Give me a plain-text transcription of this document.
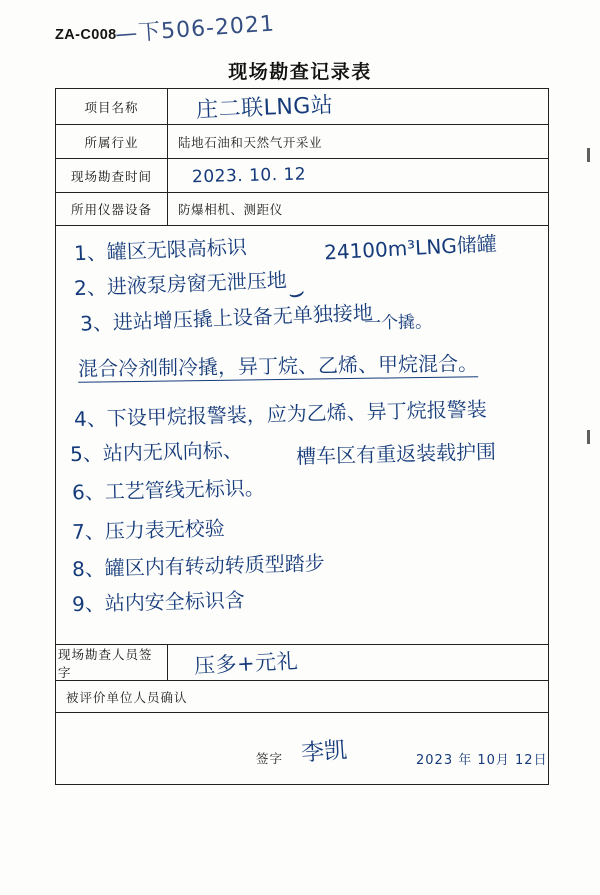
ZA-C008
—下506-2021
现场勘查记录表
项目名称	庄二联LNG站
所属行业	陆地石油和天然气开采业
现场勘查时间	2023. 10. 12
所用仪器设备	防爆相机、测距仪
1、罐区无限高标识
2、进液泵房窗无泄压地
3、进站增压撬上设备无单独接地
混合冷剂制冷撬，异丁烷、乙烯、甲烷混合。
4、下设甲烷报警装，应为乙烯、异丁烷报警装
5、站内无风向标、
6、工艺管线无标识。
7、压力表无校验
8、罐区内有转动转质型踏步
9、站内安全标识含
24100m³LNG储罐
一个撬。
槽车区有重返装载护围
⌣
现场勘查人员签字	压多+元礼
被评价单位人员确认
签字 李凯	2023 年 10月 12日
